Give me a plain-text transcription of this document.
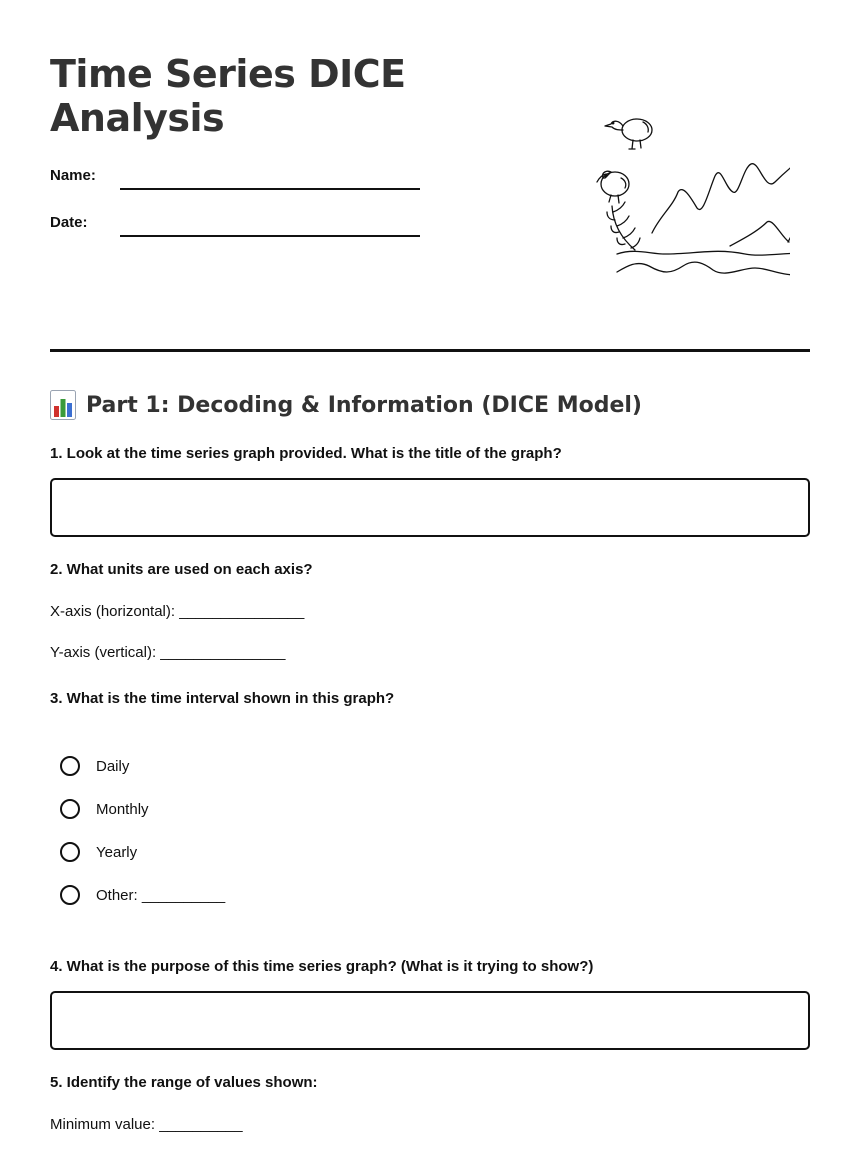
Time Series DICE Analysis
Name:
Date:
Part 1: Decoding & Information (DICE Model)
1. Look at the time series graph provided. What is the title of the graph?
2. What units are used on each axis?
X-axis (horizontal): _______________
Y-axis (vertical): _______________
3. What is the time interval shown in this graph?
Daily
Monthly
Yearly
Other: __________
4. What is the purpose of this time series graph? (What is it trying to show?)
5. Identify the range of values shown:
Minimum value: __________
